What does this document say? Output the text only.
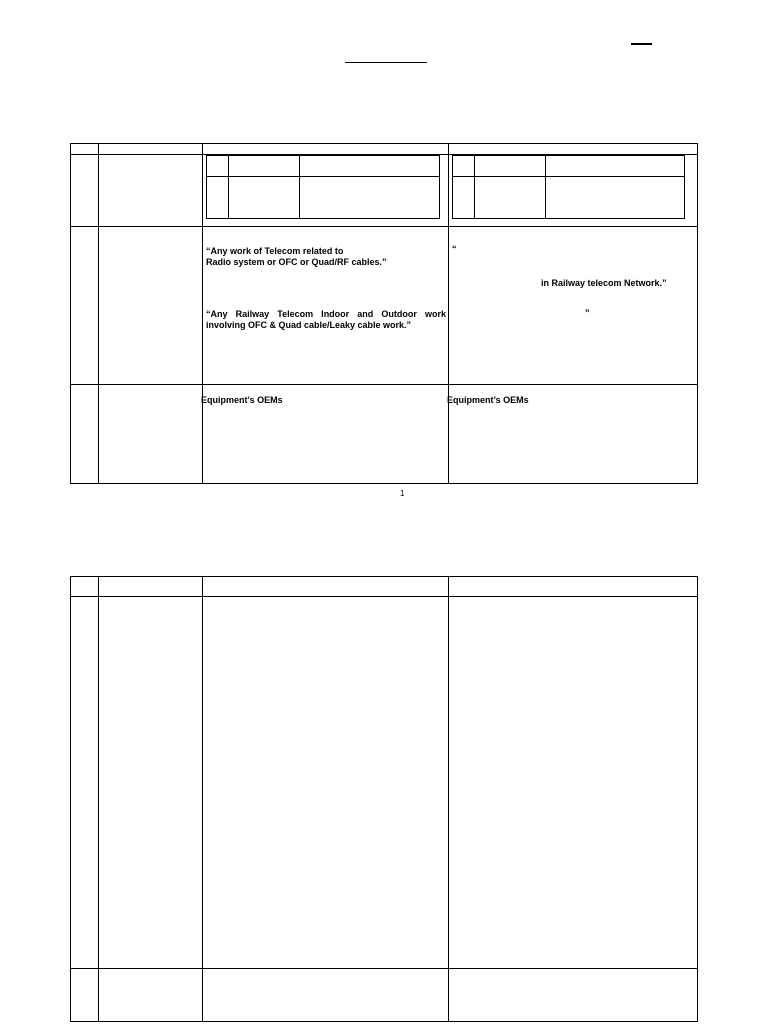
“Any work of Telecom related to
Radio system or OFC or Quad/RF cables.”

“Any Railway Telecom Indoor and Outdoor work involving OFC & Quad cable/Leaky cable work.”

“

in Railway telecom Network.”

”

Equipment’s OEMs	Equipment’s OEMs

1
